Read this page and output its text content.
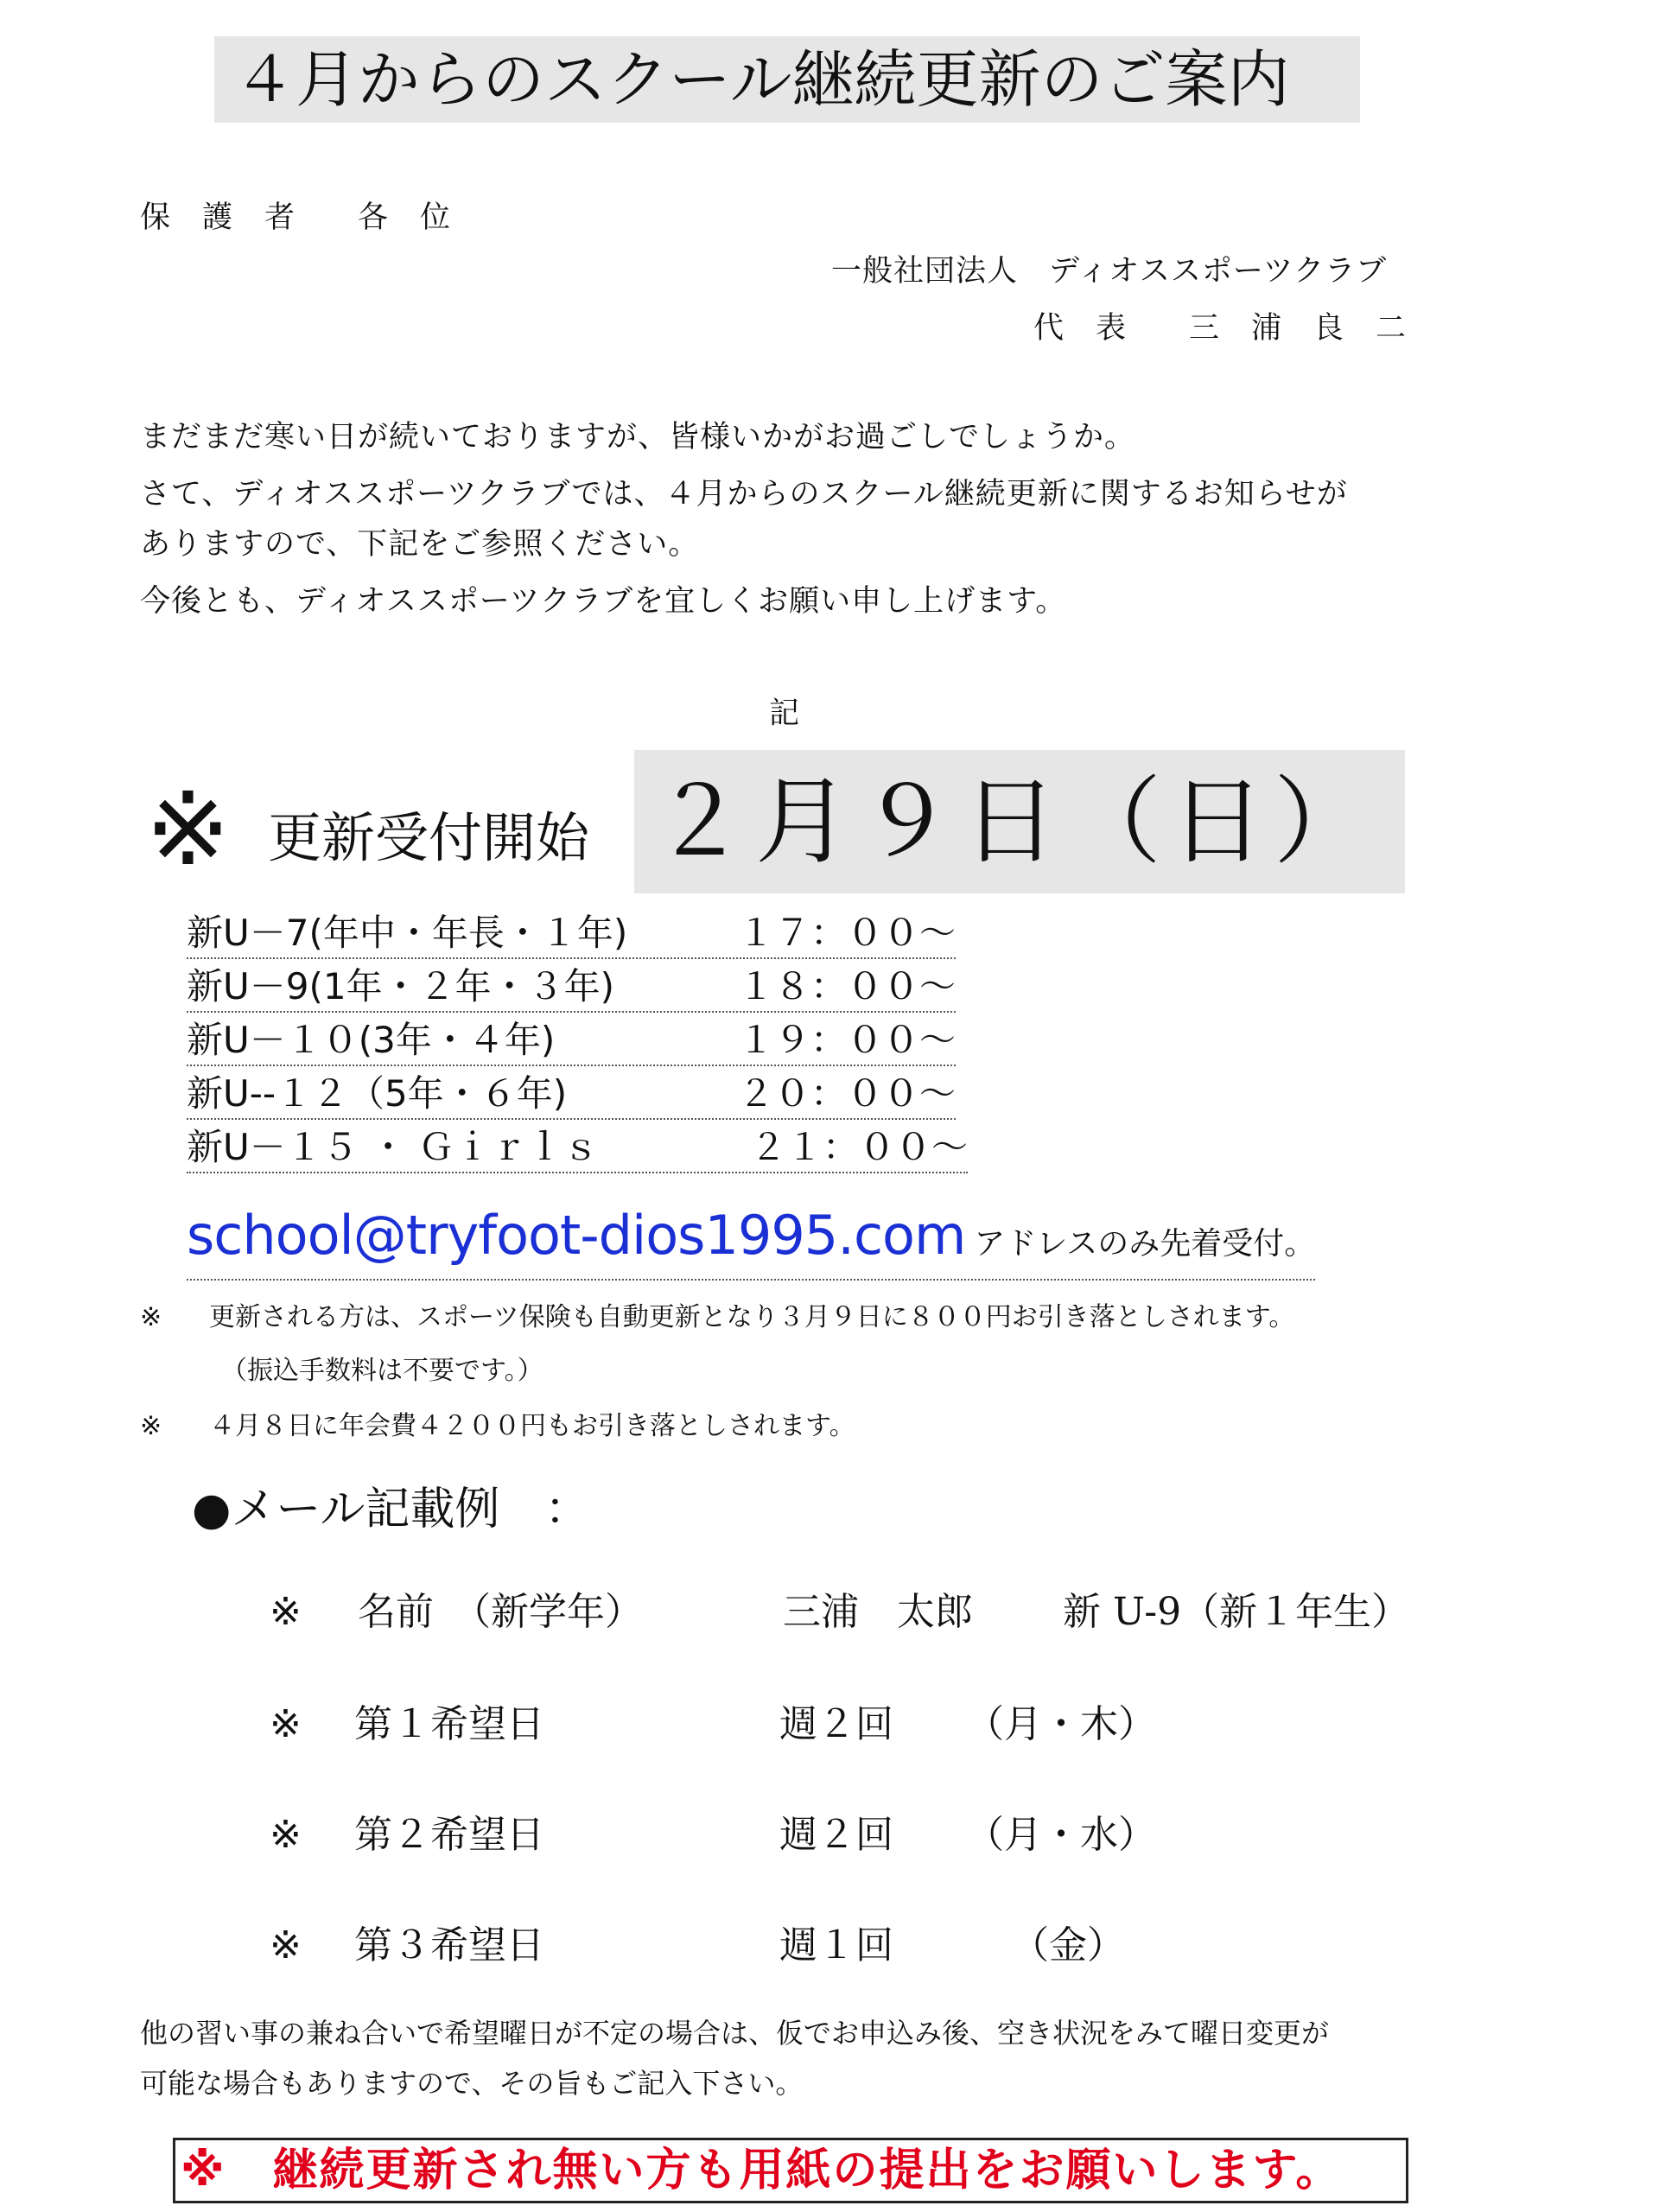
４月からのスクール継続更新のご案内
保　護　者　　各　位
一般社団法人　ディオススポーツクラブ
代　表　　三　浦　良　二
まだまだ寒い日が続いておりますが、皆様いかがお過ごしでしょうか。
さて、ディオススポーツクラブでは、４月からのスクール継続更新に関するお知らせが
ありますので、下記をご参照ください。
今後とも、ディオススポーツクラブを宜しくお願い申し上げます。
記
※ 更新受付開始 ２月９日（日）
新U－7(年中・年長・１年)	１７：００～
新U－9(1年・２年・３年)	１８：００～
新U－１０(3年・４年)	１９：００～
新U--１２（5年・６年)	２０：００～
新U－１５ ・ Ｇｉｒｌｓ	２１：００～
school@tryfoot-dios1995.com アドレスのみ先着受付。
※ 更新される方は、スポーツ保険も自動更新となり３月９日に８００円お引き落としされます。
（振込手数料は不要です。）
※ ４月８日に年会費４２００円もお引き落としされます。
●メール記載例　：
※ 名前　（新学年）	三浦　太郎 新 U-9（新１年生）
※ 第１希望日	週２回 （月・木）
※ 第２希望日	週２回 （月・水）
※ 第３希望日	週１回	（金）
他の習い事の兼ね合いで希望曜日が不定の場合は、仮でお申込み後、空き状況をみて曜日変更が
可能な場合もありますので、その旨もご記入下さい。
※　継続更新され無い方も用紙の提出をお願いします。
